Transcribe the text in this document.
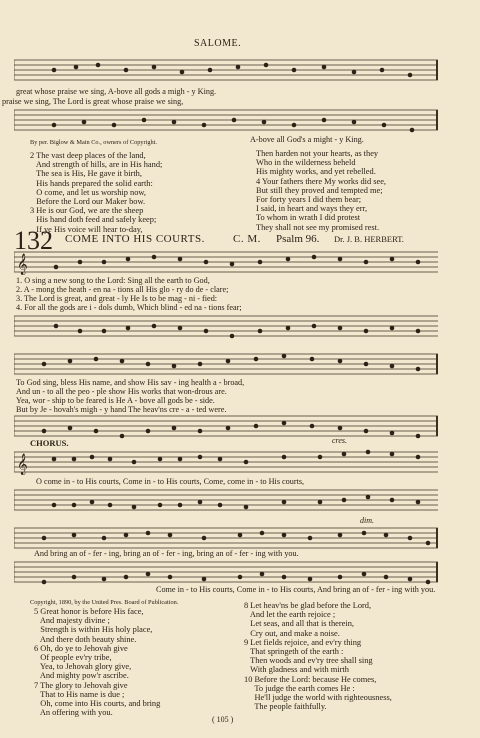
SALOME.
great whose praise we sing, A-bove all gods a migh - y King.
praise we sing, The Lord is great whose praise we sing,
A-bove all God's a might - y King.
By per. Biglow & Main Co., owners of Copyright.
2 The vast deep places of the land,
And strength of hills, are in His hand;
The sea is His, He gave it birth,
His hands prepared the solid earth:
O come, and let us worship now,
Before the Lord our Maker bow.
3 He is our God, we are the sheep
His hand doth feed and safely keep;
If ye His voice will hear to-day,
Then harden not your hearts, as they
Who in the wilderness beheld
His mighty works, and yet rebelled.
4 Your fathers there My works did see,
But still they proved and tempted me;
For forty years I did them bear;
I said, in heart and ways they err,
To whom in wrath I did protest
They shall not see my promised rest.
132 COME INTO HIS COURTS.	C. M. Psalm 96. Dr. J. B. HERBERT.
𝄞
1. O sing a new song to the Lord: Sing all the earth to God,
2. A - mong the heath - en na - tions all His glo - ry do de - clare;
3. The Lord is great, and great - ly He Is to be mag - ni - fied:
4. For all the gods are i - dols dumb, Which blind - ed na - tions fear;
To God sing, bless His name, and show His sav - ing health a - broad,
And un - to all the peo - ple show His works that won-drous are.
Yea, wor - ship to be feared is He A - bove all gods be - side.
But by Je - hovah's migh - y hand The heav'ns cre - a - ted were.
CHORUS.	cres.
𝄞
O come in - to His courts, Come in - to His courts, Come, come in - to His courts,
dim.
And bring an of - fer - ing, bring an of - fer - ing, bring an of - fer - ing with you.
Come in - to His courts, Come in - to His courts, And bring an of - fer - ing with you.
Copyright, 1890, by the United Pres. Board of Publication.
5 Great honor is before His face,
And majesty divine ;
Strength is within His holy place,
And there doth beauty shine.
6 Oh, do ye to Jehovah give
Of people ev'ry tribe,
Yea, to Jehovah glory give,
And mighty pow'r ascribe.
7 The glory to Jehovah give
That to His name is due ;
Oh, come into His courts, and bring
An offering with you.
8 Let heav'ns be glad before the Lord,
And let the earth rejoice ;
Let seas, and all that is therein,
Cry out, and make a noise.
9 Let fields rejoice, and ev'ry thing
That springeth of the earth :
Then woods and ev'ry tree shall sing
With gladness and with mirth
10 Before the Lord: because He comes,
To judge the earth comes He :
He'll judge the world with righteousness,
The people faithfully.
( 105 )
